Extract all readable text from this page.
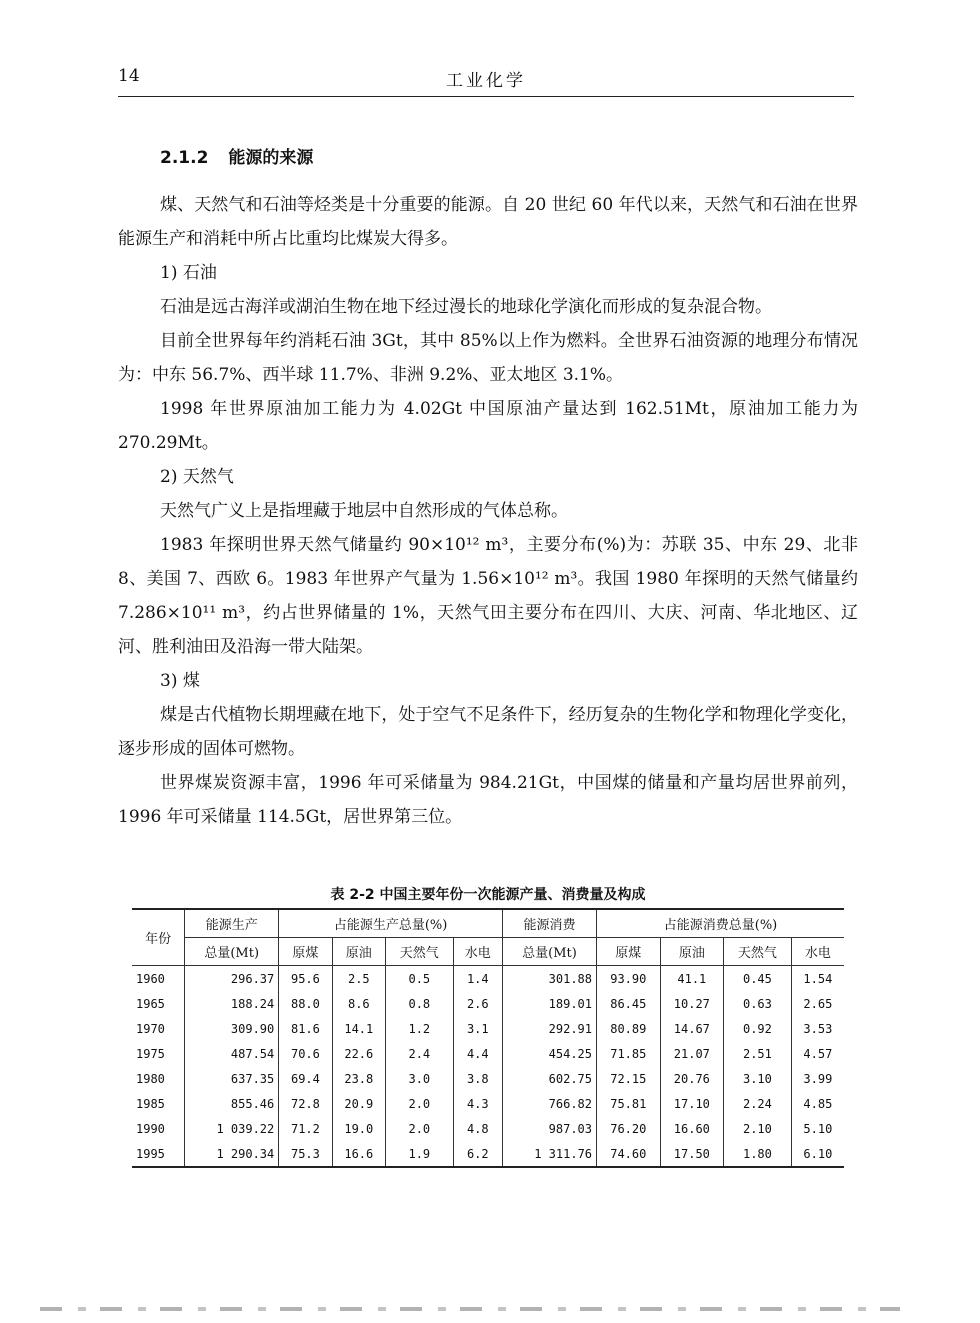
14	工业化学
2.1.2 能源的来源

煤、天然气和石油等烃类是十分重要的能源。自 20 世纪 60 年代以来，天然气和石油在世界能源生产和消耗中所占比重均比煤炭大得多。

1) 石油

石油是远古海洋或湖泊生物在地下经过漫长的地球化学演化而形成的复杂混合物。

目前全世界每年约消耗石油 3Gt，其中 85%以上作为燃料。全世界石油资源的地理分布情况为：中东 56.7%、西半球 11.7%、非洲 9.2%、亚太地区 3.1%。

1998 年世界原油加工能力为 4.02Gt 中国原油产量达到 162.51Mt，原油加工能力为 270.29Mt。

2) 天然气

天然气广义上是指埋藏于地层中自然形成的气体总称。

1983 年探明世界天然气储量约 90×10¹² m³，主要分布(%)为：苏联 35、中东 29、北非 8、美国 7、西欧 6。1983 年世界产气量为 1.56×10¹² m³。我国 1980 年探明的天然气储量约 7.286×10¹¹ m³，约占世界储量的 1%，天然气田主要分布在四川、大庆、河南、华北地区、辽河、胜利油田及沿海一带大陆架。

3) 煤

煤是古代植物长期埋藏在地下，处于空气不足条件下，经历复杂的生物化学和物理化学变化，逐步形成的固体可燃物。

世界煤炭资源丰富，1996 年可采储量为 984.21Gt，中国煤的储量和产量均居世界前列，1996 年可采储量 114.5Gt，居世界第三位。

表 2-2 中国主要年份一次能源产量、消费量及构成
年份	能源生产	占能源生产总量(%)				能源消费	占能源消费总量(%)			
	总量(Mt)	原煤	原油	天然气	水电	总量(Mt)	原煤	原油	天然气	水电
1960	296.37	95.6	2.5	0.5	1.4	301.88	93.90	41.1	0.45	1.54
1965	188.24	88.0	8.6	0.8	2.6	189.01	86.45	10.27	0.63	2.65
1970	309.90	81.6	14.1	1.2	3.1	292.91	80.89	14.67	0.92	3.53
1975	487.54	70.6	22.6	2.4	4.4	454.25	71.85	21.07	2.51	4.57
1980	637.35	69.4	23.8	3.0	3.8	602.75	72.15	20.76	3.10	3.99
1985	855.46	72.8	20.9	2.0	4.3	766.82	75.81	17.10	2.24	4.85
1990	1 039.22	71.2	19.0	2.0	4.8	987.03	76.20	16.60	2.10	5.10
1995	1 290.34	75.3	16.6	1.9	6.2	1 311.76	74.60	17.50	1.80	6.10
